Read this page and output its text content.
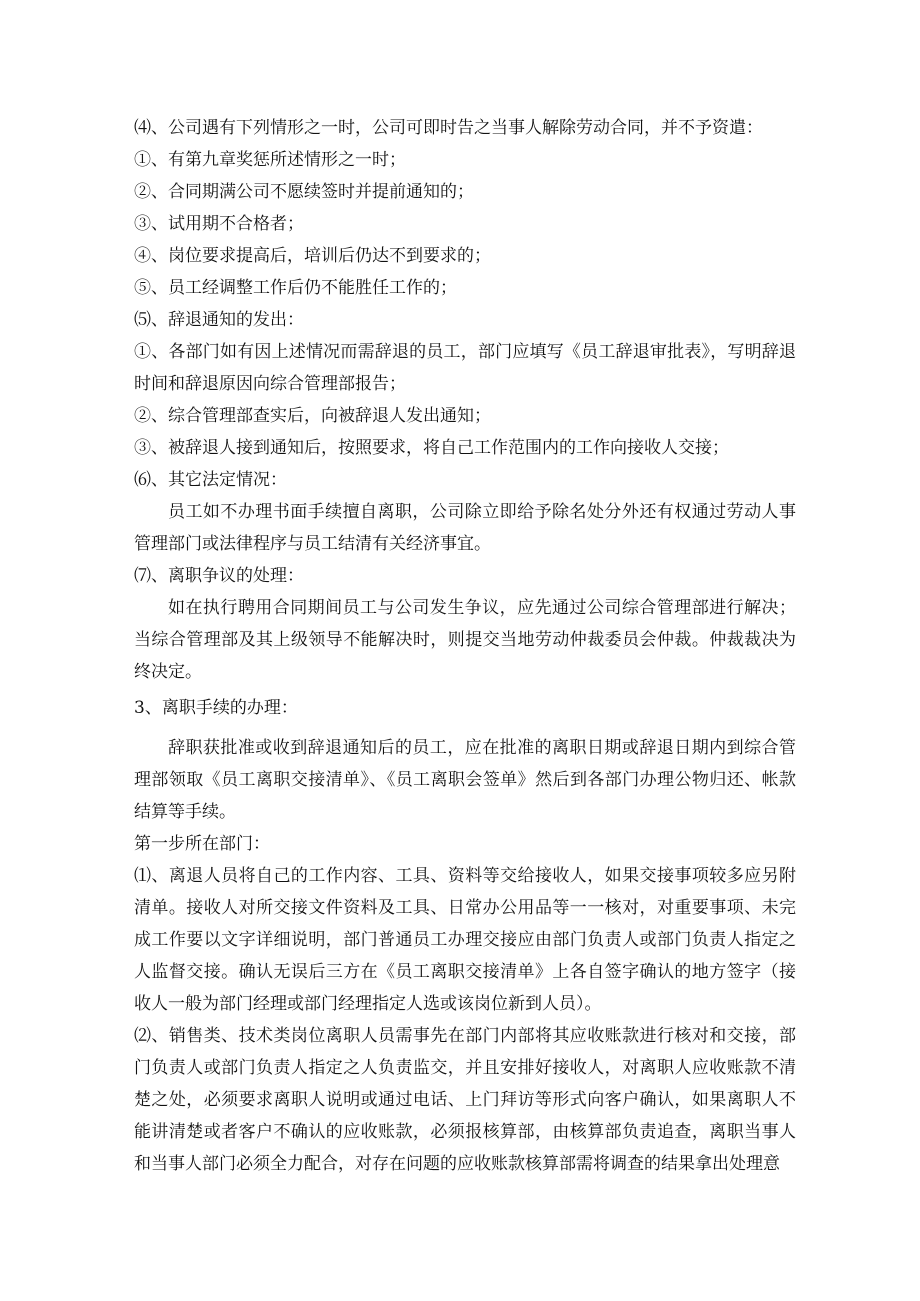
⑷、公司遇有下列情形之一时，公司可即时告之当事人解除劳动合同，并不予资遣：

①、有第九章奖惩所述情形之一时；

②、合同期满公司不愿续签时并提前通知的；

③、试用期不合格者；

④、岗位要求提高后，培训后仍达不到要求的；

⑤、员工经调整工作后仍不能胜任工作的；

⑸、辞退通知的发出：

①、各部门如有因上述情况而需辞退的员工，部门应填写《员工辞退审批表》，写明辞退时间和辞退原因向综合管理部报告；

②、综合管理部查实后，向被辞退人发出通知；

③、被辞退人接到通知后，按照要求，将自己工作范围内的工作向接收人交接；

⑹、其它法定情况：

员工如不办理书面手续擅自离职，公司除立即给予除名处分外还有权通过劳动人事管理部门或法律程序与员工结清有关经济事宜。

⑺、离职争议的处理：

如在执行聘用合同期间员工与公司发生争议，应先通过公司综合管理部进行解决；当综合管理部及其上级领导不能解决时，则提交当地劳动仲裁委员会仲裁。仲裁裁决为终决定。

3、离职手续的办理：

辞职获批准或收到辞退通知后的员工，应在批准的离职日期或辞退日期内到综合管理部领取《员工离职交接清单》、《员工离职会签单》然后到各部门办理公物归还、帐款结算等手续。

第一步所在部门：

⑴、离退人员将自己的工作内容、工具、资料等交给接收人，如果交接事项较多应另附清单。接收人对所交接文件资料及工具、日常办公用品等一一核对，对重要事项、未完成工作要以文字详细说明，部门普通员工办理交接应由部门负责人或部门负责人指定之人监督交接。确认无误后三方在《员工离职交接清单》上各自签字确认的地方签字（接收人一般为部门经理或部门经理指定人选或该岗位新到人员）。

⑵、销售类、技术类岗位离职人员需事先在部门内部将其应收账款进行核对和交接，部门负责人或部门负责人指定之人负责监交，并且安排好接收人，对离职人应收账款不清楚之处，必须要求离职人说明或通过电话、上门拜访等形式向客户确认，如果离职人不能讲清楚或者客户不确认的应收账款，必须报核算部，由核算部负责追查，离职当事人和当事人部门必须全力配合，对存在问题的应收账款核算部需将调查的结果拿出处理意
